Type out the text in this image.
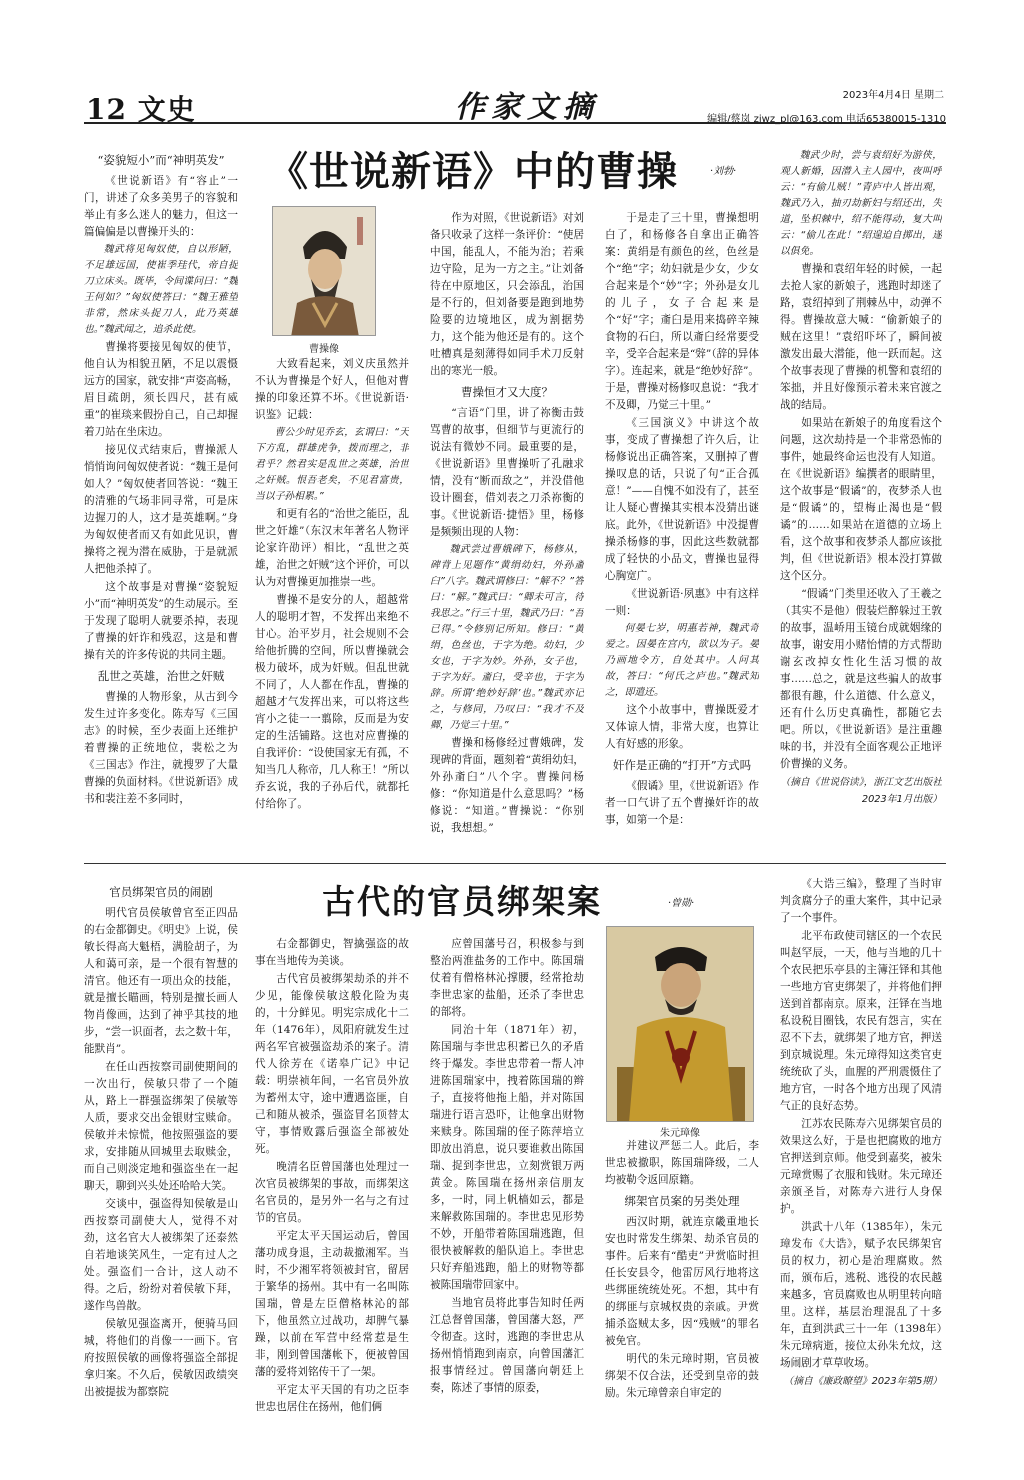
12 文史	作家文摘	2023年4月4日 星期二
编辑/蔡岚 zjwz_pl@163.com 电话65380015-1310
《世说新语》中的曹操	·刘勃·
曹操像

“姿貌短小”而“神明英发”

《世说新语》有“容止”一门，讲述了众多美男子的容貌和举止有多么迷人的魅力，但这一篇偏偏是以曹操开头的：

魏武将见匈奴使，自以形陋，不足雄远国，使崔季珪代，帝自捉刀立床头。既毕，令间谍问曰：“魏王何如？”匈奴使答曰：“魏王雅望非常，然床头捉刀人，此乃英雄也。”魏武闻之，追杀此使。

曹操将要接见匈奴的使节，他自认为相貌丑陋，不足以震慑远方的国家，就安排“声姿高畅，眉目疏朗，须长四尺，甚有威重”的崔琰来假扮自己，自己却握着刀站在坐床边。

接见仪式结束后，曹操派人悄悄询问匈奴使者说：“魏王是何如人？”匈奴使者回答说：“魏王的清雅的气场非同寻常，可是床边握刀的人，这才是英雄啊。”身为匈奴使者而又有如此见识，曹操将之视为潜在威胁，于是就派人把他杀掉了。

这个故事是对曹操“姿貌短小”而“神明英发”的生动展示。至于发现了聪明人就要杀掉，表现了曹操的奸诈和残忍，这是和曹操有关的许多传说的共同主题。

乱世之英雄，治世之奸贼

曹操的人物形象，从古到今发生过许多变化。陈寿写《三国志》的时候，至少表面上还维护着曹操的正统地位，裴松之为《三国志》作注，就搜罗了大量曹操的负面材料。《世说新语》成书和裴注差不多同时，

大致看起来，刘义庆虽然并不认为曹操是个好人，但他对曹操的印象还算不坏。《世说新语·识鉴》记载：

曹公少时见乔玄，玄谓曰：“天下方乱，群雄虎争，拨而理之，非君乎？然君实是乱世之英雄，治世之奸贼。恨吾老矣，不见君富贵，当以子孙相累。”

和更有名的“治世之能臣，乱世之奸雄”（东汉末年著名人物评论家许劭评）相比，“乱世之英雄，治世之奸贼”这个评价，可以认为对曹操更加推崇一些。

曹操不是安分的人，超越常人的聪明才智，不发挥出来绝不甘心。治平岁月，社会规则不会给他折腾的空间，所以曹操就会极力破坏，成为奸贼。但乱世就不同了，人人都在作乱，曹操的超越才气发挥出来，可以将这些宵小之徒一一翦除，反而是为安定的生活铺路。这也对应曹操的自我评价：“设使国家无有孤，不知当几人称帝，几人称王！”所以乔玄说，我的子孙后代，就都托付给你了。

作为对照，《世说新语》对刘备只收录了这样一条评价：“使居中国，能乱人，不能为治；若乘边守险，足为一方之主。”让刘备待在中原地区，只会添乱，治国是不行的，但刘备要是跑到地势险要的边境地区，成为割据势力，这个能为他还是有的。这个吐槽真是刻薄得如同手术刀反射出的寒光一般。

曹操恒才又大度？

“言语”门里，讲了祢衡击鼓骂曹的故事，但细节与更流行的说法有微妙不同。最重要的是，《世说新语》里曹操听了孔融求情，没有“断而敌之”，并没借他设计圈套，借刘表之刀杀祢衡的事。《世说新语·捷悟》里，杨修是频频出现的人物：

魏武尝过曹娥碑下，杨修从，碑背上见题作“黄绢幼妇，外孙齑臼”八字。魏武谓修曰：“解不？”答曰：“解。”魏武曰：“卿未可言，待我思之。”行三十里，魏武乃曰：“吾已得。”令修别记所知。修曰：“黄绢，色丝也，于字为绝。幼妇，少女也，于字为妙。外孙，女子也，于字为好。齑臼，受辛也，于字为辞。所谓‘绝妙好辞’也。”魏武亦记之，与修同，乃叹曰：“我才不及卿，乃觉三十里。”

曹操和杨修经过曹娥碑，发现碑的背面，题刻着“黄绢幼妇，外孙齑臼”八个字。曹操问杨修：“你知道是什么意思吗？”杨修说：“知道。”曹操说：“你别说，我想想。”

于是走了三十里，曹操想明白了，和杨修各自拿出正确答案：黄绢是有颜色的丝，色丝是个“绝”字；幼妇就是少女，少女合起来是个“妙”字；外孙是女儿的儿子，女子合起来是个“好”字；齑臼是用来捣碎辛辣食物的石臼，所以齑臼经常要受辛，受辛合起来是“辤”（辞的异体字）。连起来，就是“绝妙好辞”。于是，曹操对杨修叹息说：“我才不及卿，乃觉三十里。”

《三国演义》中讲这个故事，变成了曹操想了许久后，让杨修说出正确答案，又删掉了曹操叹息的话，只说了句“正合孤意！”——自愧不如没有了，甚至让人疑心曹操其实根本没猜出谜底。此外，《世说新语》中没提曹操杀杨修的事，因此这些数就都成了轻快的小品文，曹操也显得心胸宽广。

《世说新语·夙惠》中有这样一则：

何晏七岁，明惠若神，魏武奇爱之。因晏在宫内，欲以为子。晏乃画地令方，自处其中。人问其故，答曰：“何氏之庐也。”魏武知之，即遣还。

这个小故事中，曹操既爱才又体谅人情，非常大度，也算让人有好感的形象。

奸作是正确的“打开”方式吗

《假谲》里，《世说新语》作者一口气讲了五个曹操奸诈的故事，如第一个是：

魏武少时，尝与袁绍好为游侠，观人新婚，因潜入主人园中，夜叫呼云：“有偷儿贼！”青庐中人皆出观，魏武乃入，抽刃劫新妇与绍还出，失道，坠枳棘中，绍不能得动，复大叫云：“偷儿在此！”绍遑迫自掷出，遂以俱免。

曹操和袁绍年轻的时候，一起去抢人家的新娘子，逃跑时却迷了路，袁绍掉到了荆棘丛中，动弹不得。曹操故意大喊：“偷新娘子的贼在这里！”袁绍吓坏了，瞬间被激发出最大潜能，他一跃而起。这个故事表现了曹操的机警和袁绍的笨拙，并且好像预示着未来官渡之战的结局。

如果站在新娘子的角度看这个问题，这次劫持是一个非常恐怖的事件，她最终命运也没有人知道。在《世说新语》编撰者的眼睛里，这个故事是“假谲”的，夜梦杀人也是“假谲”的，望梅止渴也是“假谲”的……如果站在道德的立场上看，这个故事和夜梦杀人都应该批判，但《世说新语》根本没打算做这个区分。

“假谲”门类里还收入了王羲之（其实不是他）假装烂醉躲过王敦的故事，温峤用玉镜台成就姻缘的故事，谢安用小赌怡情的方式帮助谢玄改掉女性化生活习惯的故事……总之，就是这些骗人的故事都很有趣，什么道德、什么意义，还有什么历史真确性，都随它去吧。所以，《世说新语》是注重趣味的书，并没有全面客观公正地评价曹操的义务。

（摘自《世说俗读》，浙江文艺出版社2023年1月出版）

古代的官员绑架案	·曾勋·
朱元璋像

官员绑架官员的闹剧

明代官员侯敏曾官至正四品的右金都御史。《明史》上说，侯敏长得高大魁梧，满脸胡子，为人和蔼可亲，是一个很有智慧的清官。他还有一项出众的技能，就是擅长瞄画，特别是擅长画人物肖像画，达到了神乎其技的地步，“尝一识面者，去之数十年，能默肖”。

在任山西按察司副使期间的一次出行，侯敏只带了一个随从，路上一群强盗绑架了侯敏等人质，要求交出金银财宝赎命。侯敏并未惊慌，他按照强盗的要求，安排随从回城里去取赎金，而自己则淡定地和强盗坐在一起聊天，聊到兴头处还哈哈大笑。

交谈中，强盗得知侯敏是山西按察司副使大人，觉得不对劲，这名官大人被绑架了还泰然自若地谈笑风生，一定有过人之处。强盗们一合计，这人动不得。之后，纷纷对着侯敏下拜，遂作鸟兽散。

侯敏见强盗离开，便骑马回城，将他们的肖像一一画下。官府按照侯敏的画像将强盗全部捉拿归案。不久后，侯敏因政绩突出被提拔为都察院

右金都御史，智擒强盗的故事在当地传为美谈。

古代官员被绑架劫杀的并不少见，能像侯敏这般化险为夷的，十分鲜见。明宪宗成化十二年（1476年），凤阳府就发生过两名军官被强盗劫杀的案子。清代人徐芳在《诺皋广记》中记载：明崇祯年间，一名官员外放为蓄州太守，途中遭遇盗匪，自己和随从被杀，强盗冒名顶替太守，事情败露后强盗全部被处死。

晚清名臣曾国藩也处理过一次官员被绑架的事故，而绑架这名官员的，是另外一名与之有过节的官员。

平定太平天国运动后，曾国藩功成身退，主动裁撤湘军。当时，不少湘军将领被封官，留居于繁华的扬州。其中有一名叫陈国瑞，曾是左臣僧格林沁的部下，他虽然立过战功，却脾气暴躁，以前在军营中经常惹是生非，刚到曾国藩帐下，便被曾国藩的爱将刘铭传干了一架。

平定太平天国的有功之臣李世忠也居住在扬州，他们俩

应曾国藩号召，积极参与到整治两淮盐务的工作中。陈国瑞仗着有僧格林沁撑腰，经常抢劫李世忠家的盐船，还杀了李世忠的部将。

同治十年（1871年）初，陈国瑞与李世忠积蓄已久的矛盾终于爆发。李世忠带着一帮人冲进陈国瑞家中，拽着陈国瑞的辫子，直接将他拖上船，并对陈国瑞进行语言恐吓，让他拿出财物来赎身。陈国瑞的侄子陈萍培立即放出消息，说只要谁救出陈国瑞、捉到李世忠，立刻赏银万两黄金。陈国瑞在扬州亲信朋友多，一时，同上帆樯如云，都是来解救陈国瑞的。李世忠见形势不妙，开船带着陈国瑞逃跑，但很快被解救的船队追上。李世忠只好弃船逃跑，船上的财物等都被陈国瑞带回家中。

当地官员将此事告知时任两江总督曾国藩，曾国藩大怒，严令彻查。这时，逃跑的李世忠从扬州悄悄跑到南京，向曾国藩汇报事情经过。曾国藩向朝廷上奏，陈述了事情的原委，

并建议严惩二人。此后，李世忠被撤职，陈国瑞降级，二人均被勒令返回原籍。

绑架官员案的另类处理

西汉时期，就连京畿重地长安也时常发生绑架、劫杀官员的事件。后来有“酷吏”尹赏临时担任长安县令，他雷厉风行地将这些绑匪统统处死。不想，其中有的绑匪与京城权贵的亲戚。尹赏捕杀盗贼太多，因“残贼”的罪名被免官。

明代的朱元璋时期，官员被绑架不仅合法，还受到皇帝的鼓励。朱元璋曾亲自审定的

《大诰三编》，整理了当时审判贪腐分子的重大案件，其中记录了一个事件。

北平布政使司辖区的一个农民叫赵罕辰，一天，他与当地的几十个农民把乐亭县的主簿汪铎和其他一些地方官吏绑架了，并将他们押送到首都南京。原来，汪铎在当地私设税目圈钱，农民有怨言，实在忍不下去，就绑架了地方官，押送到京城说理。朱元璋得知这类官吏统统砍了头，血腥的严刑震慑住了地方官，一时各个地方出现了风清气正的良好态势。

江苏农民陈寿六见绑架官员的效果这么好，于是也把腐败的地方官押送到京师。他受到嘉奖，被朱元璋赏赐了衣服和钱财。朱元璋还亲颁圣旨，对陈寿六进行人身保护。

洪武十八年（1385年），朱元璋发布《大诰》，赋予农民绑架官员的权力，初心是治理腐败。然而，颁布后，逃税、逃役的农民越来越多，官员腐败也从明里转向暗里。这样，基层治理混乱了十多年，直到洪武三十一年（1398年）朱元璋病逝，接位太孙朱允炆，这场闹剧才草草收场。

（摘自《廉政瞭望》2023年第5期）
